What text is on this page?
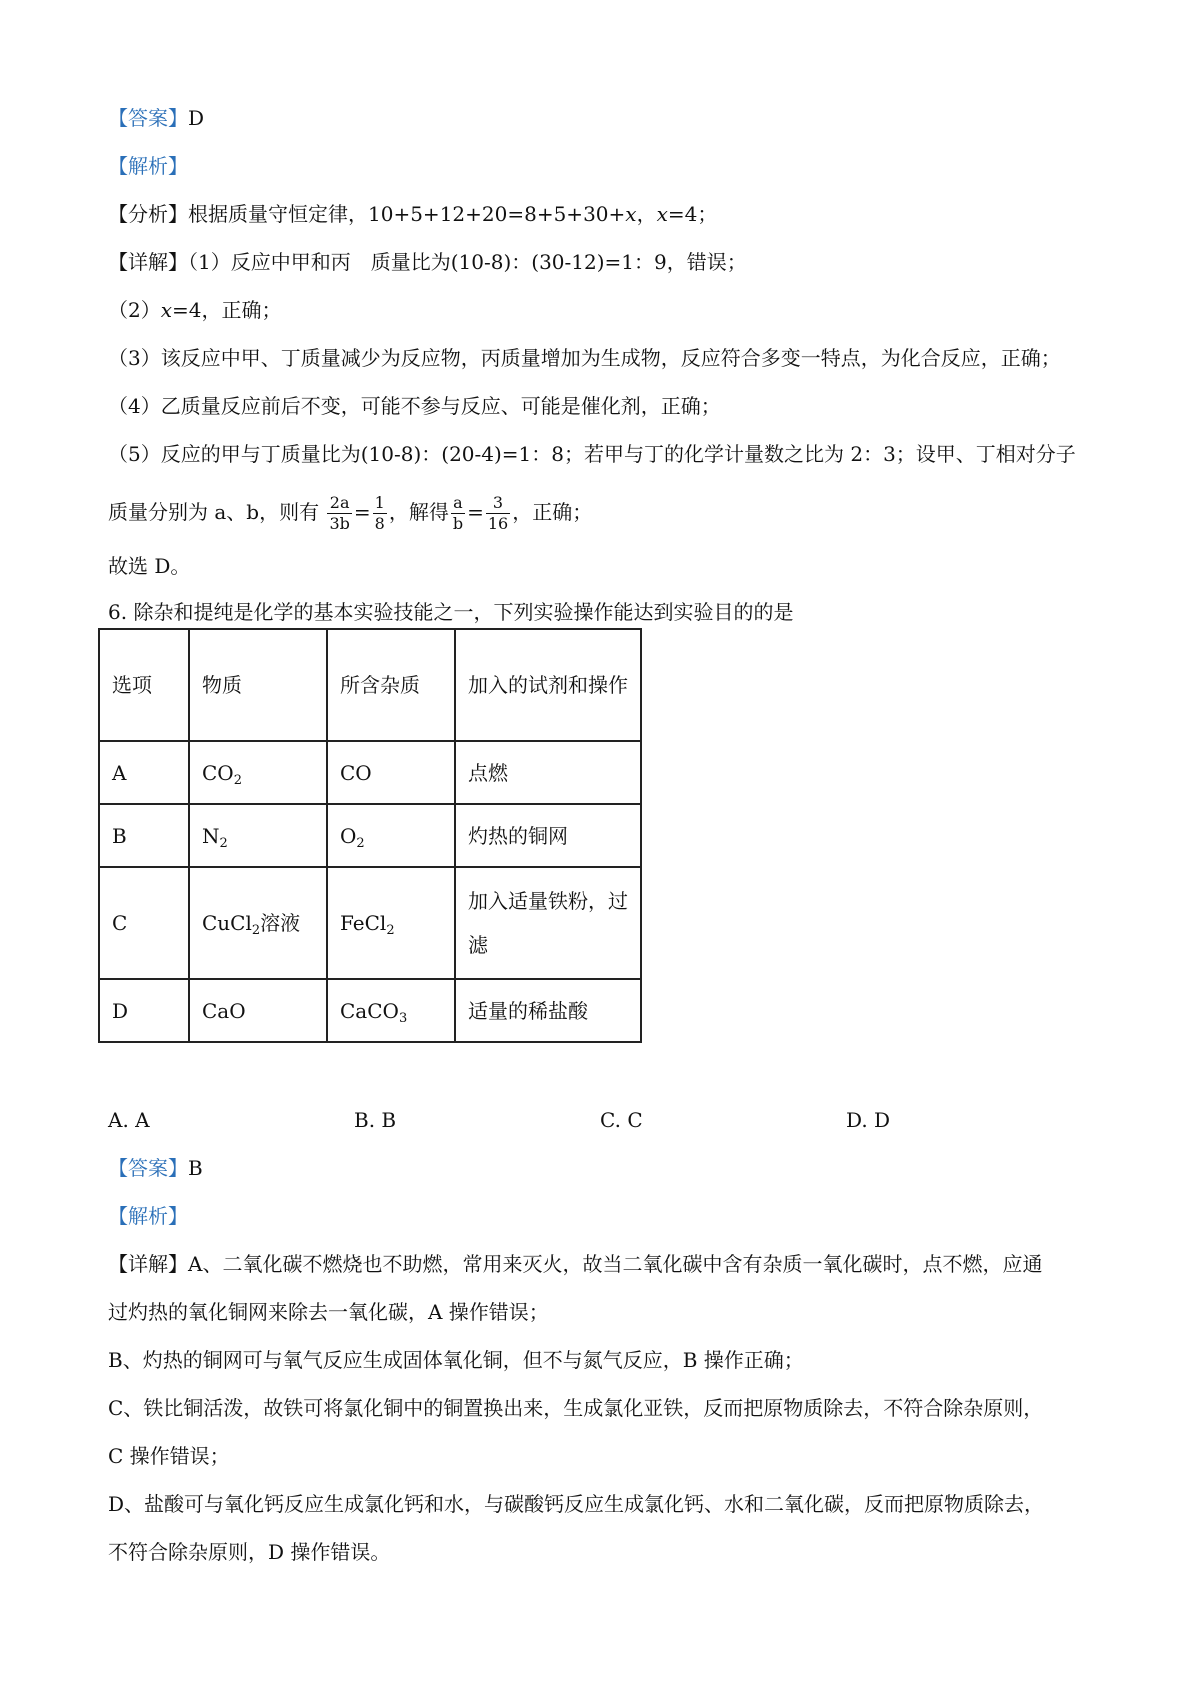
【答案】D
【解析】
【分析】根据质量守恒定律，10+5+12+20=8+5+30+x，x=4；
【详解】（1）反应中甲和丙　质量比为(10-8)：(30-12)=1：9，错误；
（2）x=4，正确；
（3）该反应中甲、丁质量减少为反应物，丙质量增加为生成物，反应符合多变一特点，为化合反应，正确；
（4）乙质量反应前后不变，可能不参与反应、可能是催化剂，正确；
（5）反应的甲与丁质量比为(10-8)：(20-4)=1：8；若甲与丁的化学计量数之比为 2：3；设甲、丁相对分子
质量分别为 a、b，则有 $\frac{2a}{3b} = \frac{1}{8}$ ，解得 $\frac{a}{b} = \frac{3}{16}$ ，正确；
故选 D。
6. 除杂和提纯是化学的基本实验技能之一，下列实验操作能达到实验目的的是
选项	物质	所含杂质	加入的试剂和操作
A	$CO_2$	CO	点燃
B	$N_2$	$O_2$	灼热的铜网
C	CuCl$_2$溶液	FeCl$_2$	加入适量铁粉，过滤
D	CaO	CaCO$_3$	适量的稀盐酸
A. A	B. B	C. C	D. D
【答案】B
【解析】
【详解】A、二氧化碳不燃烧也不助燃，常用来灭火，故当二氧化碳中含有杂质一氧化碳时，点不燃，应通
过灼热的氧化铜网来除去一氧化碳，A 操作错误；
B、灼热的铜网可与氧气反应生成固体氧化铜，但不与氮气反应，B 操作正确；
C、铁比铜活泼，故铁可将氯化铜中的铜置换出来，生成氯化亚铁，反而把原物质除去，不符合除杂原则，
C 操作错误；
D、盐酸可与氧化钙反应生成氯化钙和水，与碳酸钙反应生成氯化钙、水和二氧化碳，反而把原物质除去，
不符合除杂原则，D 操作错误。
